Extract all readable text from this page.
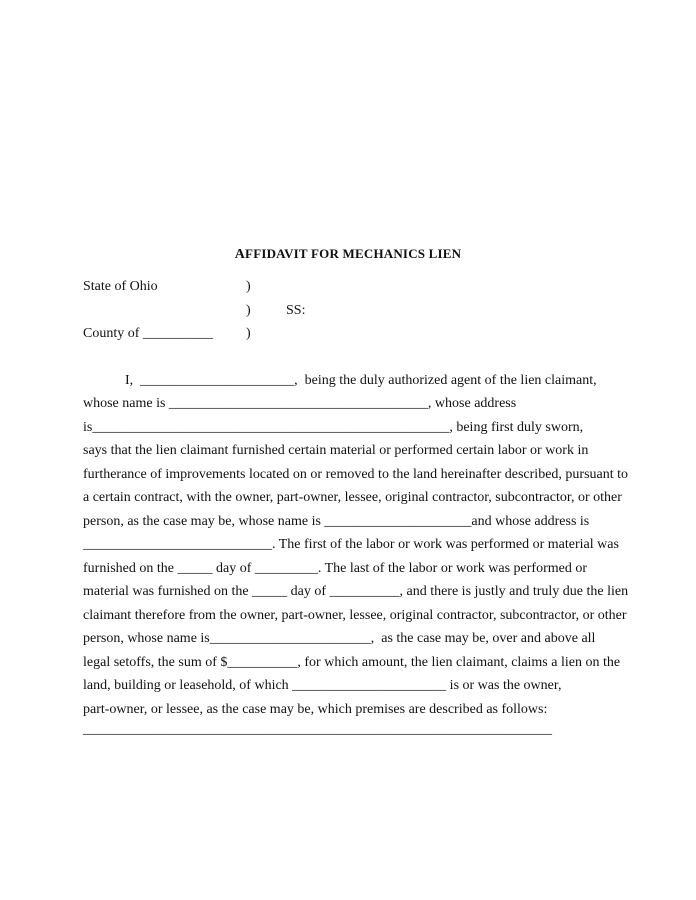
AFFIDAVIT FOR MECHANICS LIEN
State of Ohio	)
)	SS:
County of __________ )
I,  ______________________,  being the duly authorized agent of the lien claimant,
whose name is _____________________________________, whose address
is___________________________________________________, being first duly sworn,
says that the lien claimant furnished certain material or performed certain labor or work in
furtherance of improvements located on or removed to the land hereinafter described, pursuant to
a certain contract, with the owner, part-owner, lessee, original contractor, subcontractor, or other
person, as the case may be, whose name is _____________________and whose address is
___________________________. The first of the labor or work was performed or material was
furnished on the _____ day of _________. The last of the labor or work was performed or
material was furnished on the _____ day of __________, and there is justly and truly due the lien
claimant therefore from the owner, part-owner, lessee, original contractor, subcontractor, or other
person, whose name is_______________________,  as the case may be, over and above all
legal setoffs, the sum of $__________, for which amount, the lien claimant, claims a lien on the
land, building or leasehold, of which ______________________ is or was the owner,
part-owner, or lessee, as the case may be, which premises are described as follows:
___________________________________________________________________
